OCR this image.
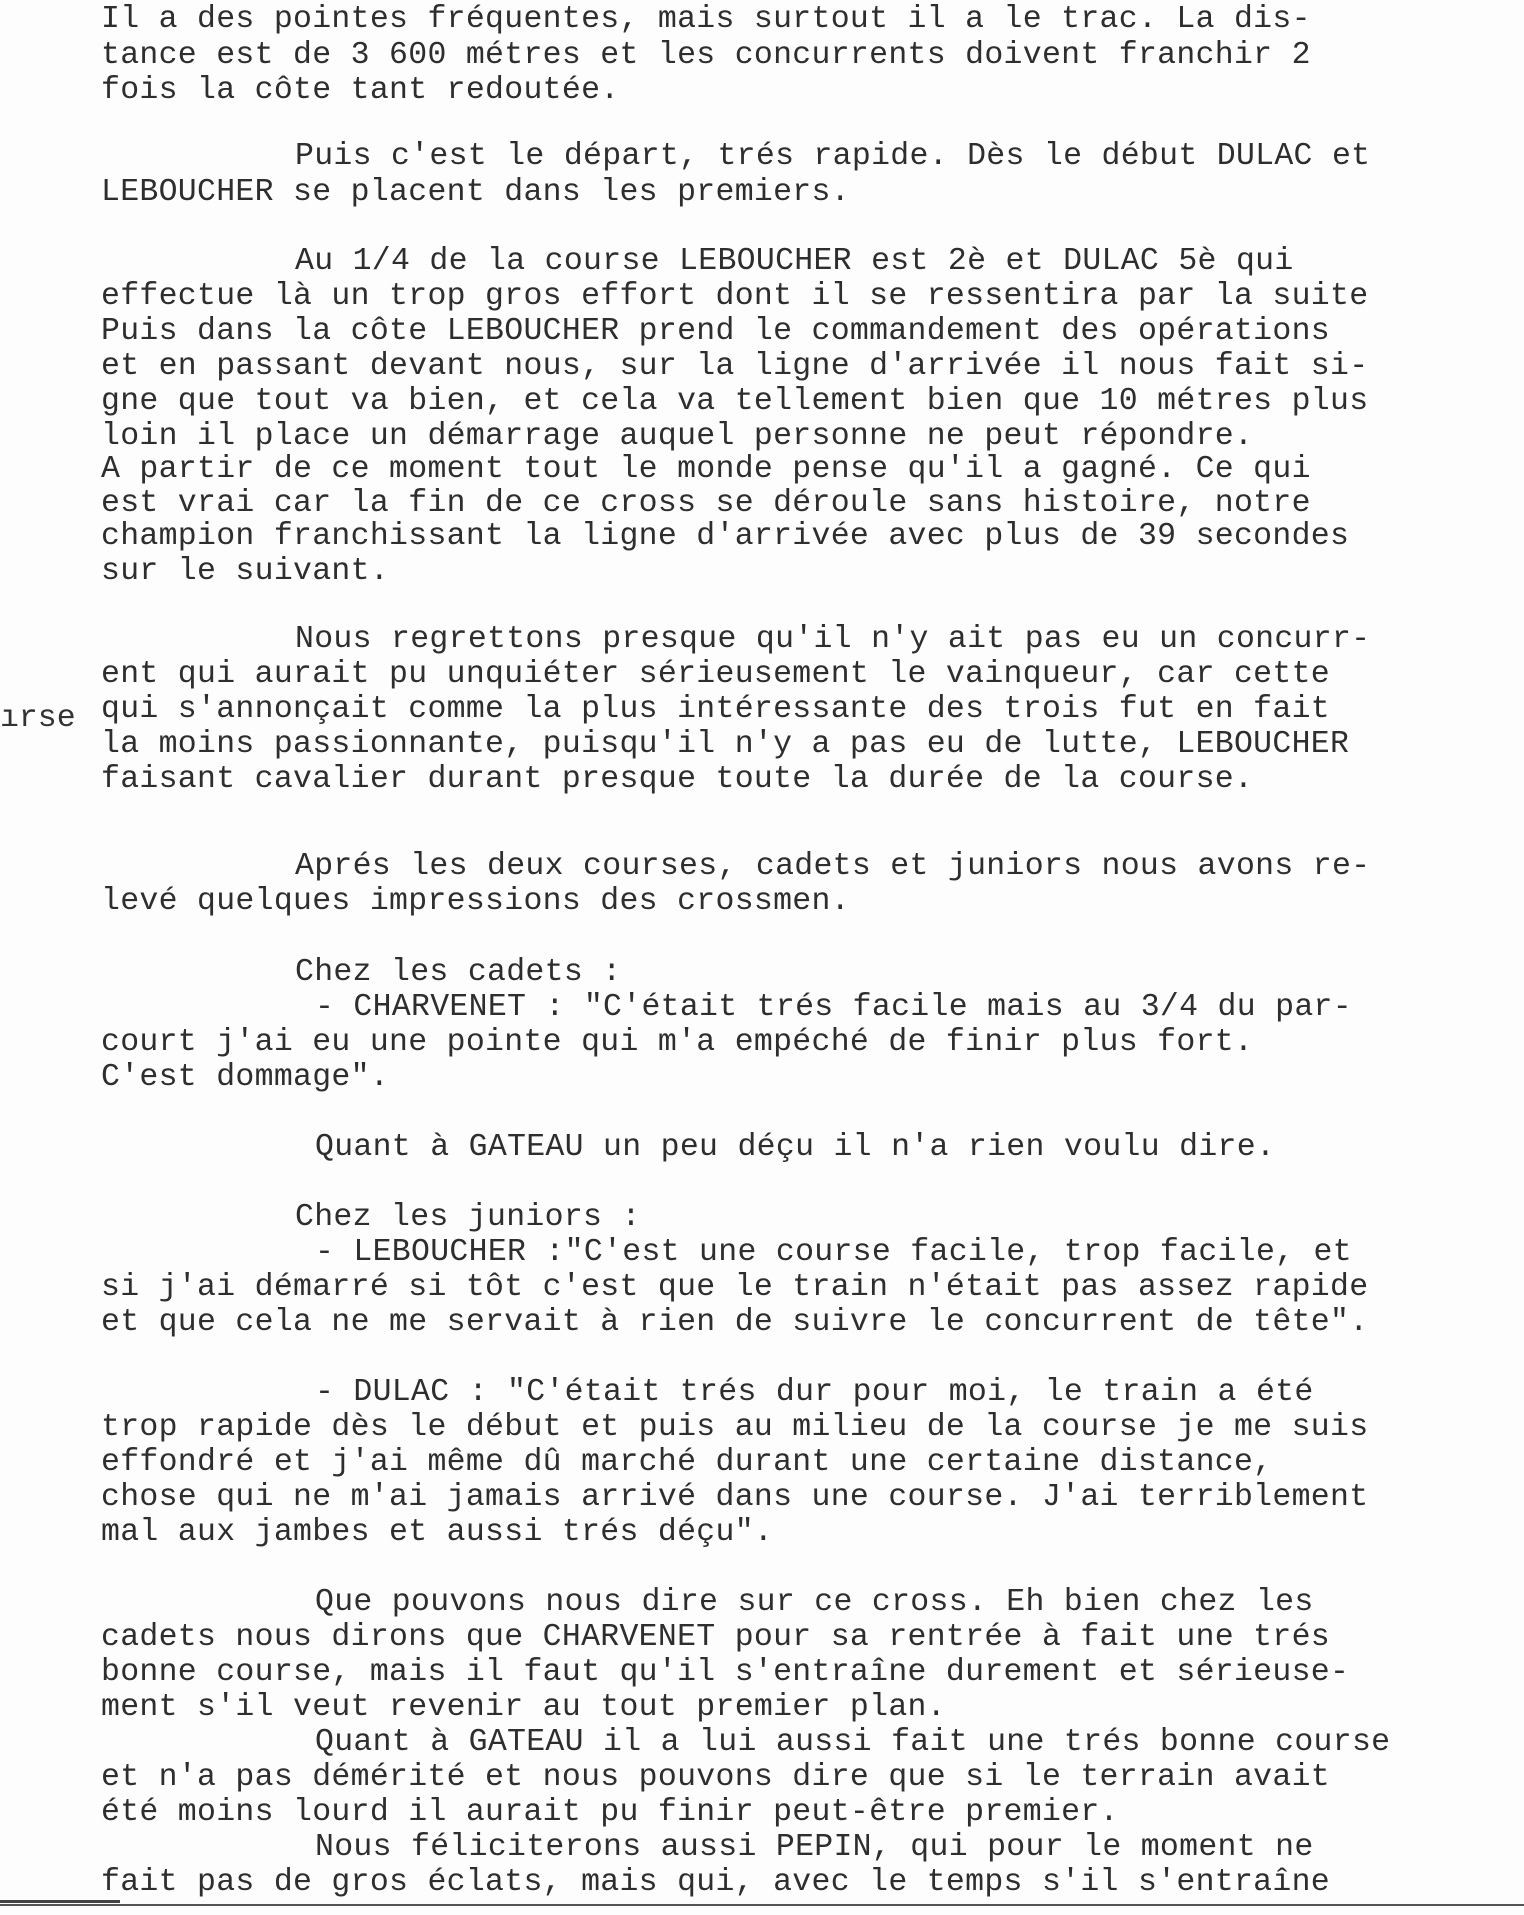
ırse
Il a des pointes fréquentes, mais surtout il a le trac. La dis-
tance est de 3 600 métres et les concurrents doivent franchir 2
fois la côte tant redoutée.
Puis c'est le départ, trés rapide. Dès le début DULAC et
LEBOUCHER se placent dans les premiers.
Au 1/4 de la course LEBOUCHER est 2è et DULAC 5è qui
effectue là un trop gros effort dont il se ressentira par la suite
Puis dans la côte LEBOUCHER prend le commandement des opérations
et en passant devant nous, sur la ligne d'arrivée il nous fait si-
gne que tout va bien, et cela va tellement bien que 10 métres plus
loin il place un démarrage auquel personne ne peut répondre.
A partir de ce moment tout le monde pense qu'il a gagné. Ce qui
est vrai car la fin de ce cross se déroule sans histoire, notre
champion franchissant la ligne d'arrivée avec plus de 39 secondes
sur le suivant.
Nous regrettons presque qu'il n'y ait pas eu un concurr-
ent qui aurait pu unquiéter sérieusement le vainqueur, car cette
qui s'annonçait comme la plus intéressante des trois fut en fait
la moins passionnante, puisqu'il n'y a pas eu de lutte, LEBOUCHER
faisant cavalier durant presque toute la durée de la course.
Aprés les deux courses, cadets et juniors nous avons re-
levé quelques impressions des crossmen.
Chez les cadets :
- CHARVENET : "C'était trés facile mais au 3/4 du par-
court j'ai eu une pointe qui m'a empéché de finir plus fort.
C'est dommage".
Quant à GATEAU un peu déçu il n'a rien voulu dire.
Chez les juniors :
- LEBOUCHER :"C'est une course facile, trop facile, et
si j'ai démarré si tôt c'est que le train n'était pas assez rapide
et que cela ne me servait à rien de suivre le concurrent de tête".
- DULAC : "C'était trés dur pour moi, le train a été
trop rapide dès le début et puis au milieu de la course je me suis
effondré et j'ai même dû marché durant une certaine distance,
chose qui ne m'ai jamais arrivé dans une course. J'ai terriblement
mal aux jambes et aussi trés déçu".
Que pouvons nous dire sur ce cross. Eh bien chez les
cadets nous dirons que CHARVENET pour sa rentrée à fait une trés
bonne course, mais il faut qu'il s'entraîne durement et sérieuse-
ment s'il veut revenir au tout premier plan.
Quant à GATEAU il a lui aussi fait une trés bonne course
et n'a pas démérité et nous pouvons dire que si le terrain avait
été moins lourd il aurait pu finir peut-être premier.
Nous féliciterons aussi PEPIN, qui pour le moment ne
fait pas de gros éclats, mais qui, avec le temps s'il s'entraîne
